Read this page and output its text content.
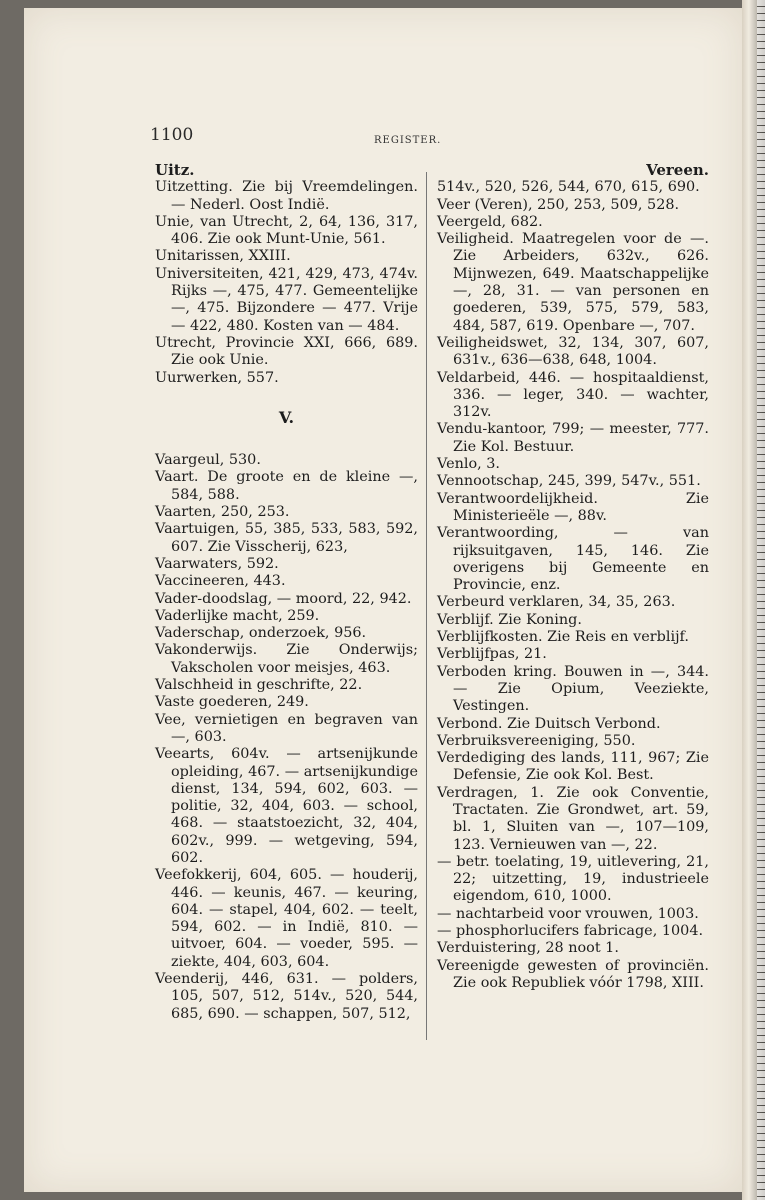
1100	REGISTER.
Uitz.

Uitzetting. Zie bij Vreemdelingen. — Nederl. Oost Indië.

Unie, van Utrecht, 2, 64, 136, 317, 406. Zie ook Munt-Unie, 561.

Unitarissen, XXIII.

Universiteiten, 421, 429, 473, 474v. Rijks —, 475, 477. Gemeentelijke —, 475. Bijzondere — 477. Vrije — 422, 480. Kosten van — 484.

Utrecht, Provincie XXI, 666, 689. Zie ook Unie.

Uurwerken, 557.

V.

Vaargeul, 530.

Vaart. De groote en de kleine —, 584, 588.

Vaarten, 250, 253.

Vaartuigen, 55, 385, 533, 583, 592, 607. Zie Visscherij, 623,

Vaarwaters, 592.

Vaccineeren, 443.

Vader-doodslag, — moord, 22, 942.

Vaderlijke macht, 259.

Vaderschap, onderzoek, 956.

Vakonderwijs. Zie Onderwijs; Vakscholen voor meisjes, 463.

Valschheid in geschrifte, 22.

Vaste goederen, 249.

Vee, vernietigen en begraven van —, 603.

Veearts, 604v. — artsenijkunde opleiding, 467. — artsenijkundige dienst, 134, 594, 602, 603. — politie, 32, 404, 603. — school, 468. — staatstoezicht, 32, 404, 602v., 999. — wetgeving, 594, 602.

Veefokkerij, 604, 605. — houderij, 446. — keunis, 467. — keuring, 604. — stapel, 404, 602. — teelt, 594, 602. — in Indië, 810. — uitvoer, 604. — voeder, 595. — ziekte, 404, 603, 604.

Veenderij, 446, 631. — polders, 105, 507, 512, 514v., 520, 544, 685, 690. — schappen, 507, 512,

Vereen.

514v., 520, 526, 544, 670, 615, 690.

Veer (Veren), 250, 253, 509, 528.

Veergeld, 682.

Veiligheid. Maatregelen voor de —. Zie Arbeiders, 632v., 626. Mijnwezen, 649. Maatschappelijke —, 28, 31. — van personen en goederen, 539, 575, 579, 583, 484, 587, 619. Openbare —, 707.

Veiligheidswet, 32, 134, 307, 607, 631v., 636—638, 648, 1004.

Veldarbeid, 446. — hospitaaldienst, 336. — leger, 340. — wachter, 312v.

Vendu-kantoor, 799; — meester, 777. Zie Kol. Bestuur.

Venlo, 3.

Vennootschap, 245, 399, 547v., 551.

Verantwoordelijkheid. Zie Ministerieële —, 88v.

Verantwoording, — van rijksuitgaven, 145, 146. Zie overigens bij Gemeente en Provincie, enz.

Verbeurd verklaren, 34, 35, 263.

Verblijf. Zie Koning.

Verblijfkosten. Zie Reis en verblijf.

Verblijfpas, 21.

Verboden kring. Bouwen in —, 344. — Zie Opium, Veeziekte, Vestingen.

Verbond. Zie Duitsch Verbond.

Verbruiksvereeniging, 550.

Verdediging des lands, 111, 967; Zie Defensie, Zie ook Kol. Best.

Verdragen, 1. Zie ook Conventie, Tractaten. Zie Grondwet, art. 59, bl. 1, Sluiten van —, 107—109, 123. Vernieuwen van —, 22.

— betr. toelating, 19, uitlevering, 21, 22; uitzetting, 19, industrieele eigendom, 610, 1000.

— nachtarbeid voor vrouwen, 1003.

— phosphorlucifers fabricage, 1004.

Verduistering, 28 noot 1.

Vereenigde gewesten of provinciën. Zie ook Republiek vóór 1798, XIII.
